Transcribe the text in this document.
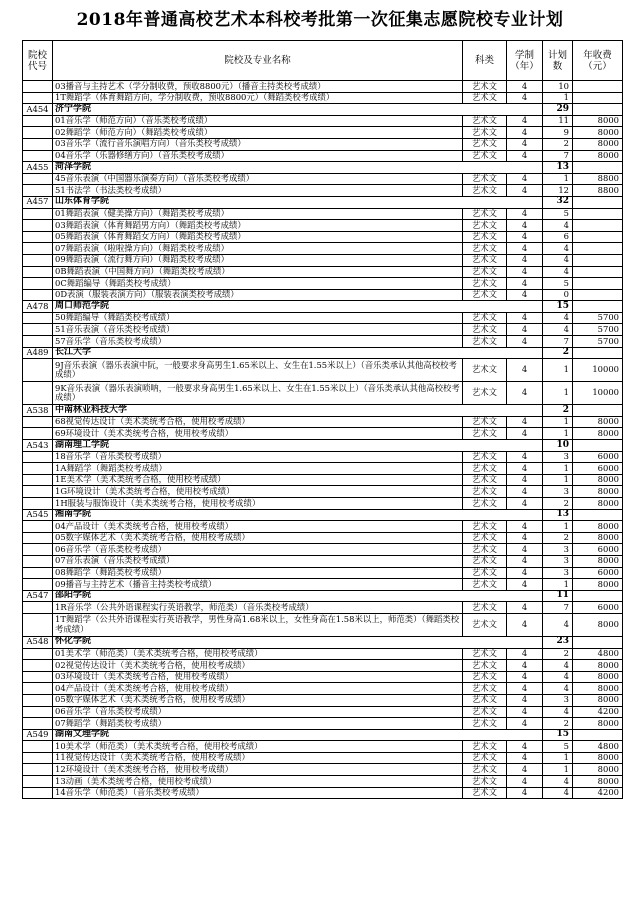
2018年普通高校艺术本科校考批第一次征集志愿院校专业计划
院校代号	院校及专业名称	科类	学制（年）	计划数	年收费（元）
	03播音与主持艺术（学分制收费，预收8800元）（播音主持类校考成绩）	艺术文	4	10	
	1T舞蹈学（体育舞蹈方向，学分制收费，预收8800元）（舞蹈类校考成绩）	艺术文	4	1	
A454	济宁学院			29	
	01音乐学（师范方向）（音乐类校考成绩）	艺术文	4	11	8000
	02舞蹈学（师范方向）（舞蹈类校考成绩）	艺术文	4	9	8000
	03音乐学（流行音乐演唱方向）（音乐类校考成绩）	艺术文	4	2	8000
	04音乐学（乐器修缮方向）（音乐类校考成绩）	艺术文	4	7	8000
A455	菏泽学院			13	
	45音乐表演（中国器乐演奏方向）（音乐类校考成绩）	艺术文	4	1	8800
	51书法学（书法类校考成绩）	艺术文	4	12	8800
A457	山东体育学院			32	
	01舞蹈表演（健美操方向）（舞蹈类校考成绩）	艺术文	4	5	
	03舞蹈表演（体育舞蹈男方向）（舞蹈类校考成绩）	艺术文	4	4	
	05舞蹈表演（体育舞蹈女方向）（舞蹈类校考成绩）	艺术文	4	6	
	07舞蹈表演（啦啦操方向）（舞蹈类校考成绩）	艺术文	4	4	
	09舞蹈表演（流行舞方向）（舞蹈类校考成绩）	艺术文	4	4	
	0B舞蹈表演（中国舞方向）（舞蹈类校考成绩）	艺术文	4	4	
	0C舞蹈编导（舞蹈类校考成绩）	艺术文	4	5	
	0D表演（服装表演方向）（服装表演类校考成绩）	艺术文	4	0	
A478	周口师范学院			15	
	50舞蹈编导（舞蹈类校考成绩）	艺术文	4	4	5700
	51音乐表演（音乐类校考成绩）	艺术文	4	4	5700
	57音乐学（音乐类校考成绩）	艺术文	4	7	5700
A489	长江大学			2	
	9J音乐表演（器乐表演中阮，一般要求身高男生1.65米以上、女生在1.55米以上）（音乐类承认其他高校校考成绩）	艺术文	4	1	10000
	9K音乐表演（器乐表演唢呐，一般要求身高男生1.65米以上、女生在1.55米以上）（音乐类承认其他高校校考成绩）	艺术文	4	1	10000
A538	中南林业科技大学			2	
	68视觉传达设计（美术类统考合格，使用校考成绩）	艺术文	4	1	8000
	69环境设计（美术类统考合格，使用校考成绩）	艺术文	4	1	8000
A543	湖南理工学院			10	
	18音乐学（音乐类校考成绩）	艺术文	4	3	6000
	1A舞蹈学（舞蹈类校考成绩）	艺术文	4	1	6000
	1E美术学（美术类统考合格，使用校考成绩）	艺术文	4	1	8000
	1G环境设计（美术类统考合格，使用校考成绩）	艺术文	4	3	8000
	1H服装与服饰设计（美术类统考合格，使用校考成绩）	艺术文	4	2	8000
A545	湘南学院			13	
	04产品设计（美术类统考合格，使用校考成绩）	艺术文	4	1	8000
	05数字媒体艺术（美术类统考合格，使用校考成绩）	艺术文	4	2	8000
	06音乐学（音乐类校考成绩）	艺术文	4	3	6000
	07音乐表演（音乐类校考成绩）	艺术文	4	3	8000
	08舞蹈学（舞蹈类校考成绩）	艺术文	4	3	6000
	09播音与主持艺术（播音主持类校考成绩）	艺术文	4	1	8000
A547	邵阳学院			11	
	1R音乐学（公共外语课程实行英语教学，师范类）（音乐类校考成绩）	艺术文	4	7	6000
	1T舞蹈学（公共外语课程实行英语教学，男性身高1.68米以上，女性身高在1.58米以上，师范类）（舞蹈类校考成绩）	艺术文	4	4	8000
A548	怀化学院			23	
	01美术学（师范类）（美术类统考合格，使用校考成绩）	艺术文	4	2	4800
	02视觉传达设计（美术类统考合格，使用校考成绩）	艺术文	4	4	8000
	03环境设计（美术类统考合格，使用校考成绩）	艺术文	4	4	8000
	04产品设计（美术类统考合格，使用校考成绩）	艺术文	4	4	8000
	05数字媒体艺术（美术类统考合格，使用校考成绩）	艺术文	4	3	8000
	06音乐学（音乐类校考成绩）	艺术文	4	4	4200
	07舞蹈学（舞蹈类校考成绩）	艺术文	4	2	8000
A549	湖南文理学院			15	
	10美术学（师范类）（美术类统考合格，使用校考成绩）	艺术文	4	5	4800
	11视觉传达设计（美术类统考合格，使用校考成绩）	艺术文	4	1	8000
	12环境设计（美术类统考合格，使用校考成绩）	艺术文	4	1	8000
	13动画（美术类统考合格，使用校考成绩）	艺术文	4	4	8000
	14音乐学（师范类）（音乐类校考成绩）	艺术文	4	4	4200
